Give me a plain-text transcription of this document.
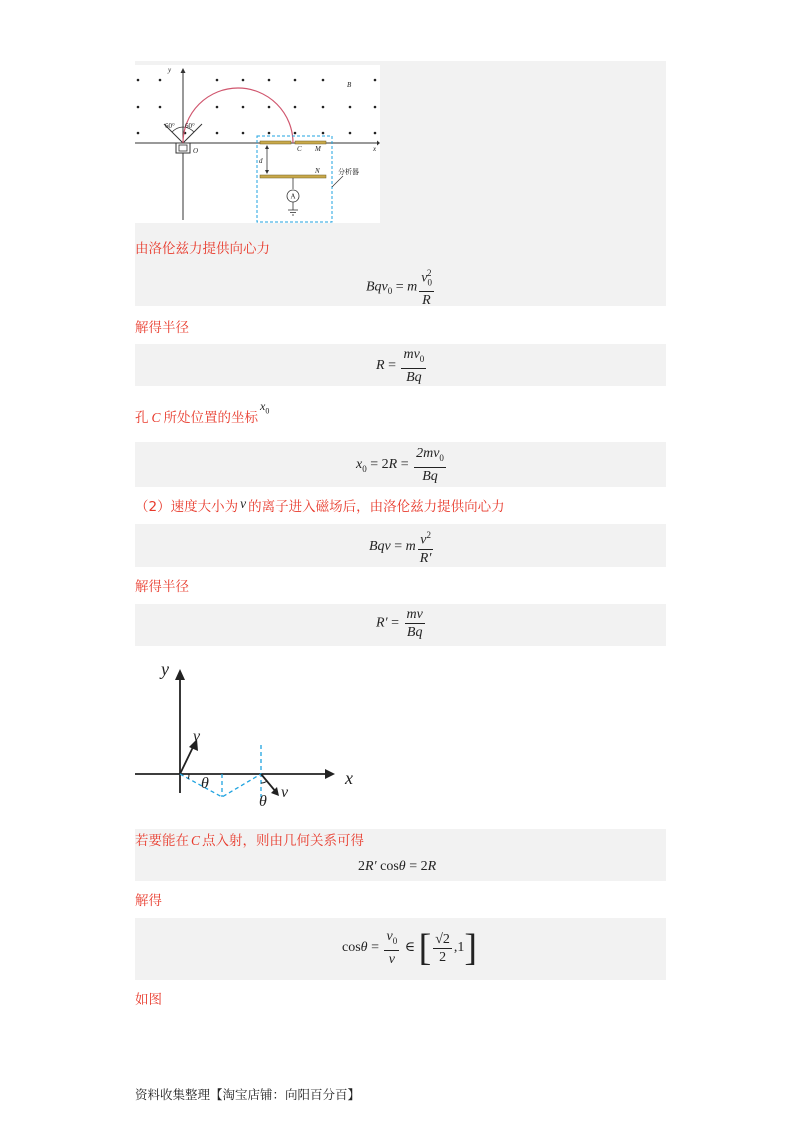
y
x
O
60° 60°
B
C M
N
d
A
分析器
由洛伦兹力提供向心力
Bqv$_0$ = m $\frac{v_0^2}{R}$
解得半径
$R = \frac{mv_0}{Bq}$
孔 C 所处位置的坐标$x_0$
$x_0 = 2R = \frac{2mv_0}{Bq}$
（2）速度大小为 v 的离子进入磁场后，由洛伦兹力提供向心力
Bqv = m $\frac{v^2}{R'}$
解得半径
$R' = \frac{mv}{Bq}$
y
x
v
v
θ
θ
若要能在 C 点入射，则由几何关系可得
2R′ cosθ = 2R
解得
$\cos\theta = \frac{v_0}{v}$ ∈ [ $\frac{√2}{2} ,1$]
如图
资料收集整理【淘宝店铺：向阳百分百】
